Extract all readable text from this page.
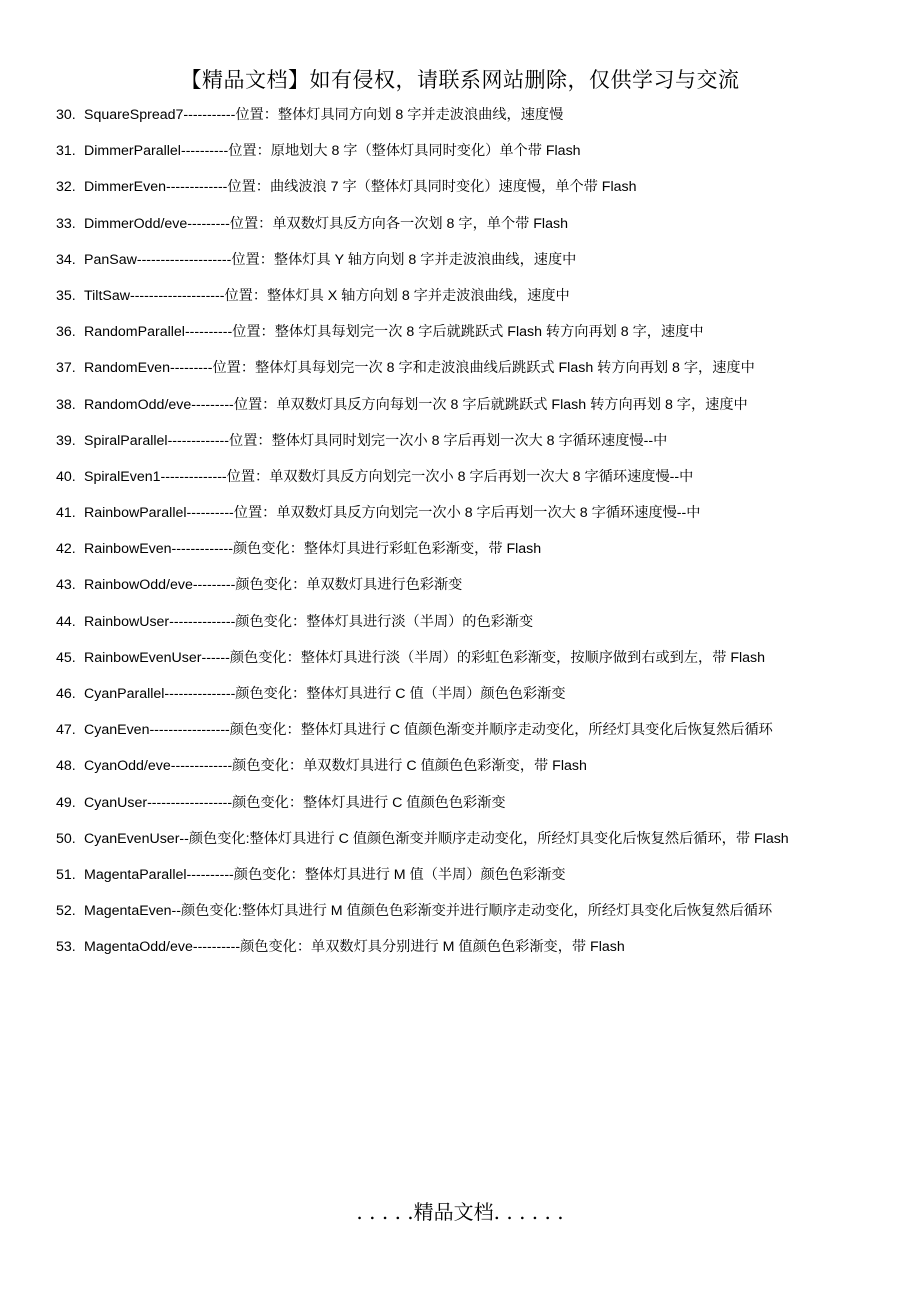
【精品文档】如有侵权，请联系网站删除，仅供学习与交流
30. SquareSpread7-----------位置：整体灯具同方向划 8 字并走波浪曲线，速度慢
31. DimmerParallel----------位置：原地划大 8 字（整体灯具同时变化）单个带 Flash
32. DimmerEven-------------位置：曲线波浪 7 字（整体灯具同时变化）速度慢，单个带 Flash
33. DimmerOdd/eve---------位置：单双数灯具反方向各一次划 8 字，单个带 Flash
34. PanSaw--------------------位置：整体灯具 Y 轴方向划 8 字并走波浪曲线，速度中
35. TiltSaw--------------------位置：整体灯具 X 轴方向划 8 字并走波浪曲线，速度中
36. RandomParallel----------位置：整体灯具每划完一次 8 字后就跳跃式 Flash 转方向再划 8 字，速度中
37. RandomEven---------位置：整体灯具每划完一次 8 字和走波浪曲线后跳跃式 Flash 转方向再划 8 字，速度中
38. RandomOdd/eve---------位置：单双数灯具反方向每划一次 8 字后就跳跃式 Flash 转方向再划 8 字，速度中
39. SpiralParallel-------------位置：整体灯具同时划完一次小 8 字后再划一次大 8 字循环速度慢--中
40. SpiralEven1--------------位置：单双数灯具反方向划完一次小 8 字后再划一次大 8 字循环速度慢--中
41. RainbowParallel----------位置：单双数灯具反方向划完一次小 8 字后再划一次大 8 字循环速度慢--中
42. RainbowEven-------------颜色变化：整体灯具进行彩虹色彩渐变，带 Flash
43. RainbowOdd/eve---------颜色变化：单双数灯具进行色彩渐变
44. RainbowUser--------------颜色变化：整体灯具进行淡（半周）的色彩渐变
45. RainbowEvenUser------颜色变化：整体灯具进行淡（半周）的彩虹色彩渐变，按顺序做到右或到左，带 Flash
46. CyanParallel---------------颜色变化：整体灯具进行 C 值（半周）颜色色彩渐变
47. CyanEven-----------------颜色变化：整体灯具进行 C 值颜色渐变并顺序走动变化，所经灯具变化后恢复然后循环
48. CyanOdd/eve-------------颜色变化：单双数灯具进行 C 值颜色色彩渐变，带 Flash
49. CyanUser------------------颜色变化：整体灯具进行 C 值颜色色彩渐变
50. CyanEvenUser--颜色变化:整体灯具进行 C 值颜色渐变并顺序走动变化，所经灯具变化后恢复然后循环，带 Flash
51. MagentaParallel----------颜色变化：整体灯具进行 M 值（半周）颜色色彩渐变
52. MagentaEven--颜色变化:整体灯具进行 M 值颜色色彩渐变并进行顺序走动变化，所经灯具变化后恢复然后循环
53. MagentaOdd/eve----------颜色变化：单双数灯具分别进行 M 值颜色色彩渐变，带 Flash
. . . . .精品文档. . . . . .
